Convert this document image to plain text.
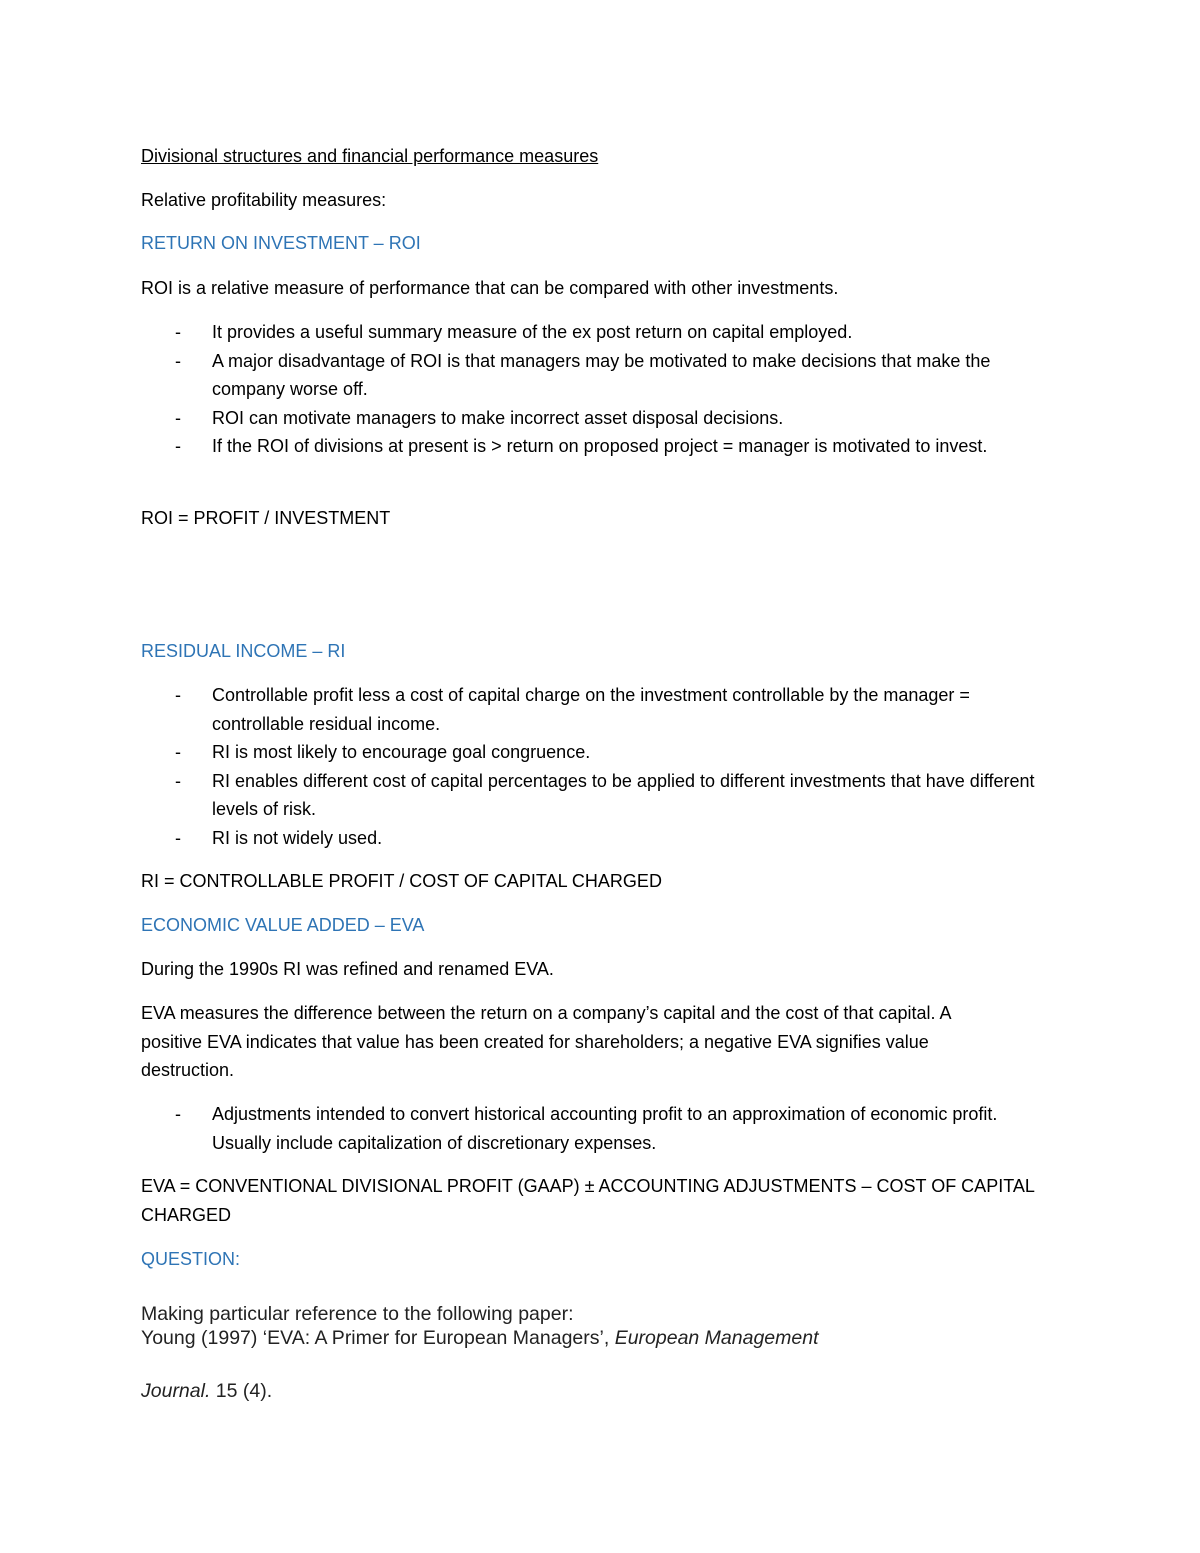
Divisional structures and financial performance measures

Relative profitability measures:

RETURN ON INVESTMENT – ROI

ROI is a relative measure of performance that can be compared with other investments.

- It provides a useful summary measure of the ex post return on capital employed.
- A major disadvantage of ROI is that managers may be motivated to make decisions that make the company worse off.
- ROI can motivate managers to make incorrect asset disposal decisions.
- If the ROI of divisions at present is > return on proposed project = manager is motivated to invest.

ROI = PROFIT / INVESTMENT

RESIDUAL INCOME – RI

- Controllable profit less a cost of capital charge on the investment controllable by the manager = controllable residual income.
- RI is most likely to encourage goal congruence.
- RI enables different cost of capital percentages to be applied to different investments that have different levels of risk.
- RI is not widely used.

RI = CONTROLLABLE PROFIT / COST OF CAPITAL CHARGED

ECONOMIC VALUE ADDED – EVA

During the 1990s RI was refined and renamed EVA.

EVA measures the difference between the return on a company’s capital and the cost of that capital. A

positive EVA indicates that value has been created for shareholders; a negative EVA signifies value

destruction.

- Adjustments intended to convert historical accounting profit to an approximation of economic profit. Usually include capitalization of discretionary expenses.

EVA = CONVENTIONAL DIVISIONAL PROFIT (GAAP) ± ACCOUNTING ADJUSTMENTS – COST OF CAPITAL

CHARGED

QUESTION:

Making particular reference to the following paper:

Young (1997) ‘EVA: A Primer for European Managers’, European Management

Journal. 15 (4).
